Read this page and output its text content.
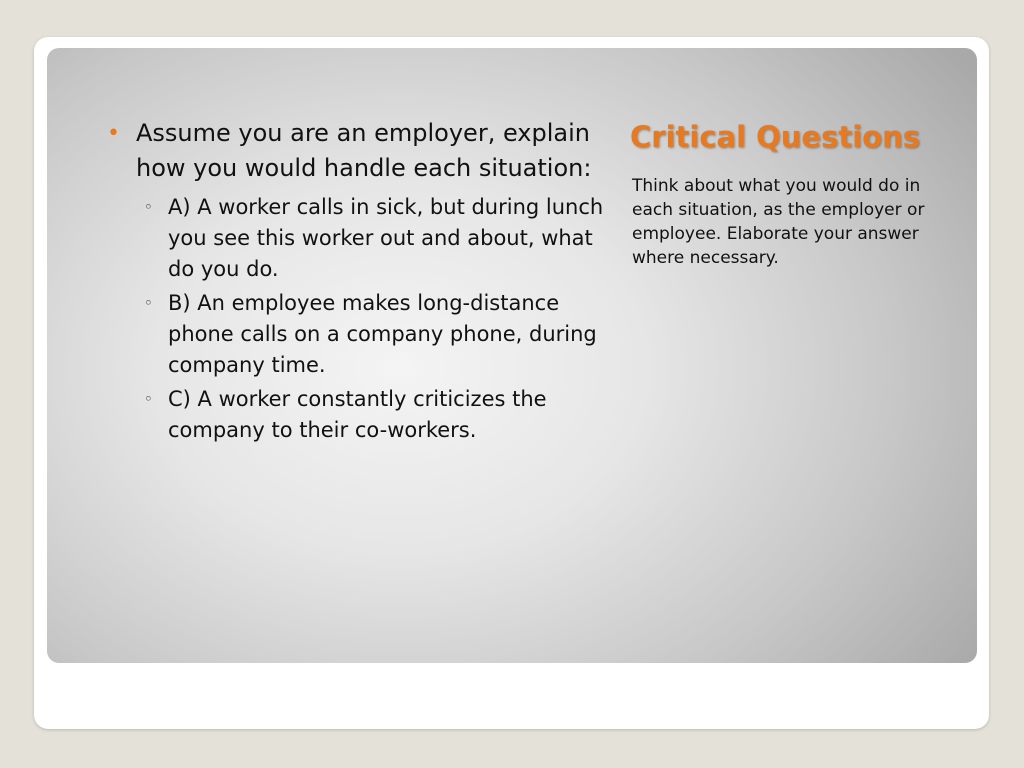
• Assume you are an employer, explain how you would handle each situation:
◦ A) A worker calls in sick, but during lunch you see this worker out and about, what do you do.
◦ B) An employee makes long-distance phone calls on a company phone, during company time.
◦ C) A worker constantly criticizes the company to their co-workers.
Critical Questions
Think about what you would do in each situation, as the employer or employee. Elaborate your answer where necessary.
